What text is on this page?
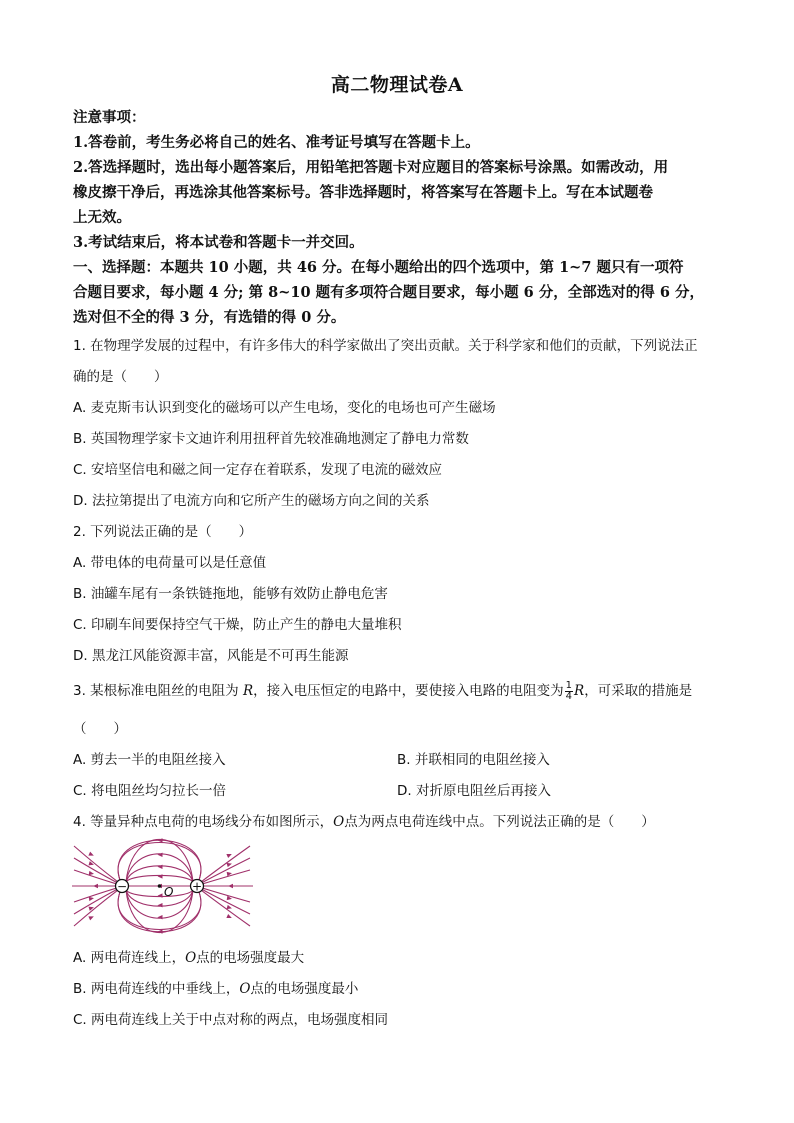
高二物理试卷A
注意事项：
1.答卷前，考生务必将自己的姓名、准考证号填写在答题卡上。
2.答选择题时，选出每小题答案后，用铅笔把答题卡对应题目的答案标号涂黑。如需改动，用
橡皮擦干净后，再选涂其他答案标号。答非选择题时，将答案写在答题卡上。写在本试题卷
上无效。
3.考试结束后，将本试卷和答题卡一并交回。
一、选择题：本题共 10 小题，共 46 分。在每小题给出的四个选项中，第 1~7 题只有一项符
合题目要求，每小题 4 分; 第 8~10 题有多项符合题目要求，每小题 6 分，全部选对的得 6 分，
选对但不全的得 3 分，有选错的得 0 分。
1. 在物理学发展的过程中，有许多伟大的科学家做出了突出贡献。关于科学家和他们的贡献，下列说法正
确的是（　　）
A. 麦克斯韦认识到变化的磁场可以产生电场，变化的电场也可产生磁场
B. 英国物理学家卡文迪许利用扭秤首先较准确地测定了静电力常数
C. 安培坚信电和磁之间一定存在着联系，发现了电流的磁效应
D. 法拉第提出了电流方向和它所产生的磁场方向之间的关系
2. 下列说法正确的是（　　）
A. 带电体的电荷量可以是任意值
B. 油罐车尾有一条铁链拖地，能够有效防止静电危害
C. 印刷车间要保持空气干燥，防止产生的静电大量堆积
D. 黑龙江风能资源丰富，风能是不可再生能源
3. 某根标准电阻丝的电阻为 R，接入电压恒定的电路中，要使接入电路的电阻变为 $\frac{1}{4}$ R，可采取的措施是
（　　）
A. 剪去一半的电阻丝接入	B. 并联相同的电阻丝接入
C. 将电阻丝均匀拉长一倍	D. 对折原电阻丝后再接入
4. 等量异种点电荷的电场线分布如图所示，O点为两点电荷连线中点。下列说法正确的是（　　）
−	+
O
A. 两电荷连线上，O点的电场强度最大
B. 两电荷连线的中垂线上，O点的电场强度最小
C. 两电荷连线上关于中点对称的两点，电场强度相同
